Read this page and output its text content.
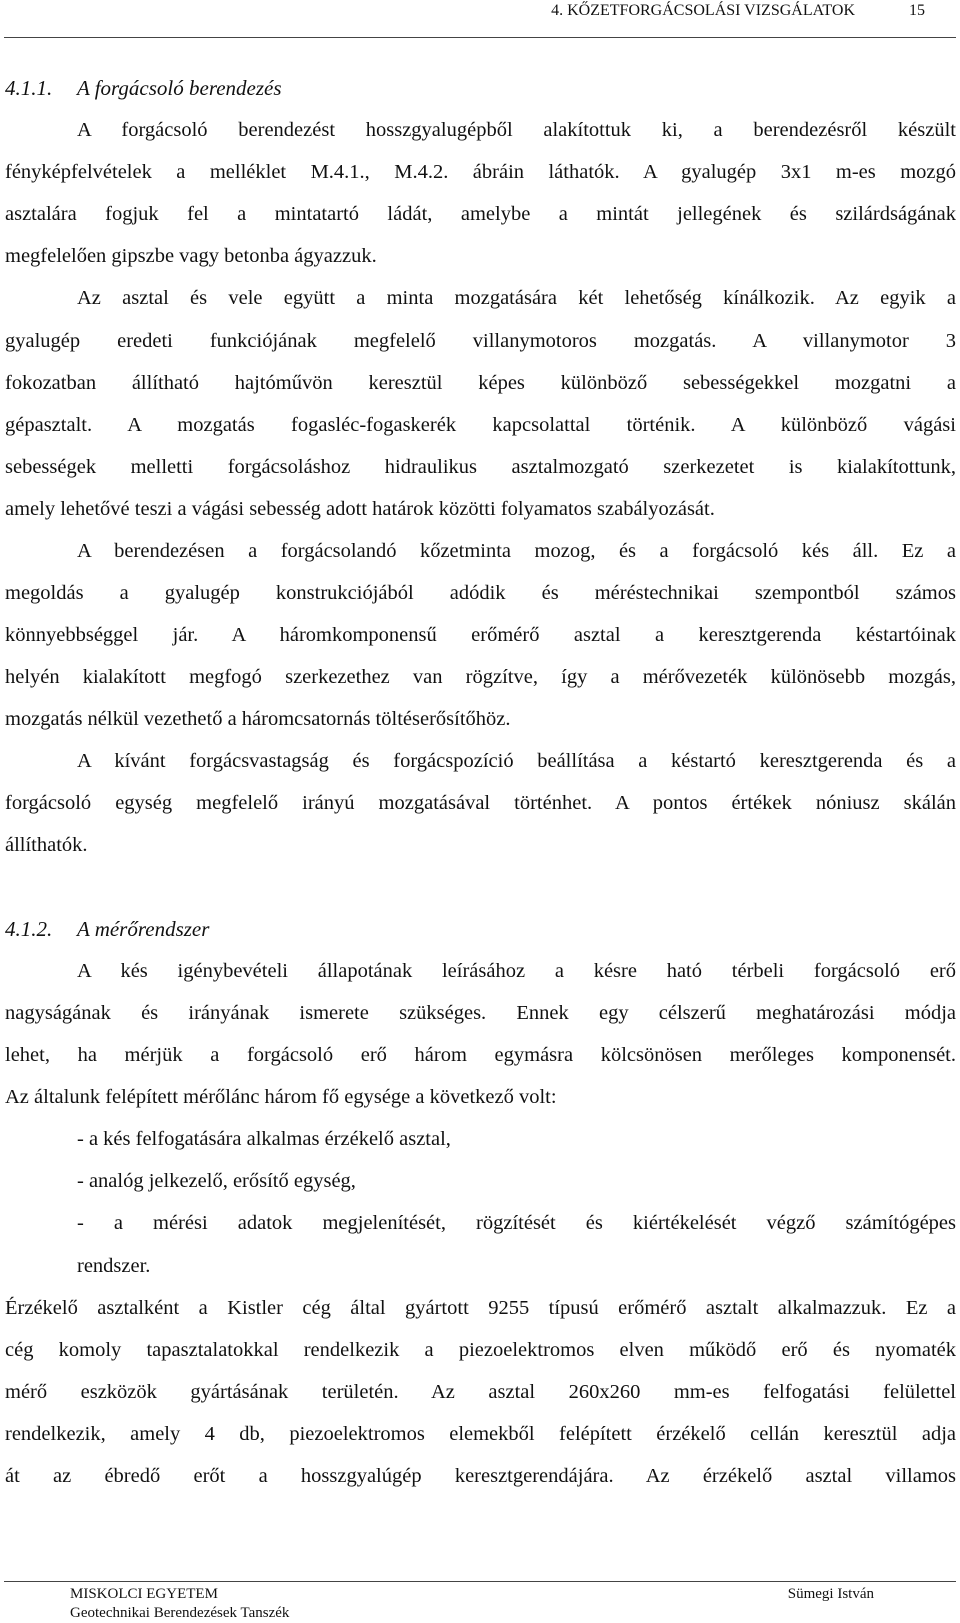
4. KŐZETFORGÁCSOLÁSI VIZSGÁLATOK	15
4.1.1. A forgácsoló berendezés
A forgácsoló berendezést hosszgyalugépből alakítottuk ki, a berendezésről készült
fényképfelvételek a melléklet M.4.1., M.4.2. ábráin láthatók. A gyalugép 3x1 m-es mozgó
asztalára fogjuk fel a mintatartó ládát, amelybe a mintát jellegének és szilárdságának
megfelelően gipszbe vagy betonba ágyazzuk.
Az asztal és vele együtt a minta mozgatására két lehetőség kínálkozik. Az egyik a
gyalugép eredeti funkciójának megfelelő villanymotoros mozgatás. A villanymotor 3
fokozatban állítható hajtóművön keresztül képes különböző sebességekkel mozgatni a
gépasztalt. A mozgatás fogasléc-fogaskerék kapcsolattal történik. A különböző vágási
sebességek melletti forgácsoláshoz hidraulikus asztalmozgató szerkezetet is kialakítottunk,
amely lehetővé teszi a vágási sebesség adott határok közötti folyamatos szabályozását.
A berendezésen a forgácsolandó kőzetminta mozog, és a forgácsoló kés áll. Ez a
megoldás a gyalugép konstrukciójából adódik és méréstechnikai szempontból számos
könnyebbséggel jár. A háromkomponensű erőmérő asztal a keresztgerenda késtartóinak
helyén kialakított megfogó szerkezethez van rögzítve, így a mérővezeték különösebb mozgás,
mozgatás nélkül vezethető a háromcsatornás töltéserősítőhöz.
A kívánt forgácsvastagság és forgácspozíció beállítása a késtartó keresztgerenda és a
forgácsoló egység megfelelő irányú mozgatásával történhet. A pontos értékek nóniusz skálán
állíthatók.
4.1.2. A mérőrendszer
A kés igénybevételi állapotának leírásához a késre ható térbeli forgácsoló erő
nagyságának és irányának ismerete szükséges. Ennek egy célszerű meghatározási módja
lehet, ha mérjük a forgácsoló erő három egymásra kölcsönösen merőleges komponensét.
Az általunk felépített mérőlánc három fő egysége a következő volt:
- a kés felfogatására alkalmas érzékelő asztal,
- analóg jelkezelő, erősítő egység,
- a mérési adatok megjelenítését, rögzítését és kiértékelését végző számítógépes
rendszer.
Érzékelő asztalként a Kistler cég által gyártott 9255 típusú erőmérő asztalt alkalmazzuk. Ez a
cég komoly tapasztalatokkal rendelkezik a piezoelektromos elven működő erő és nyomaték
mérő eszközök gyártásának területén. Az asztal 260x260 mm-es felfogatási felülettel
rendelkezik, amely 4 db, piezoelektromos elemekből felépített érzékelő cellán keresztül adja
át az ébredő erőt a hosszgyalúgép keresztgerendájára. Az érzékelő asztal villamos
MISKOLCI EGYETEM
Geotechnikai Berendezések Tanszék
Sümegi István
